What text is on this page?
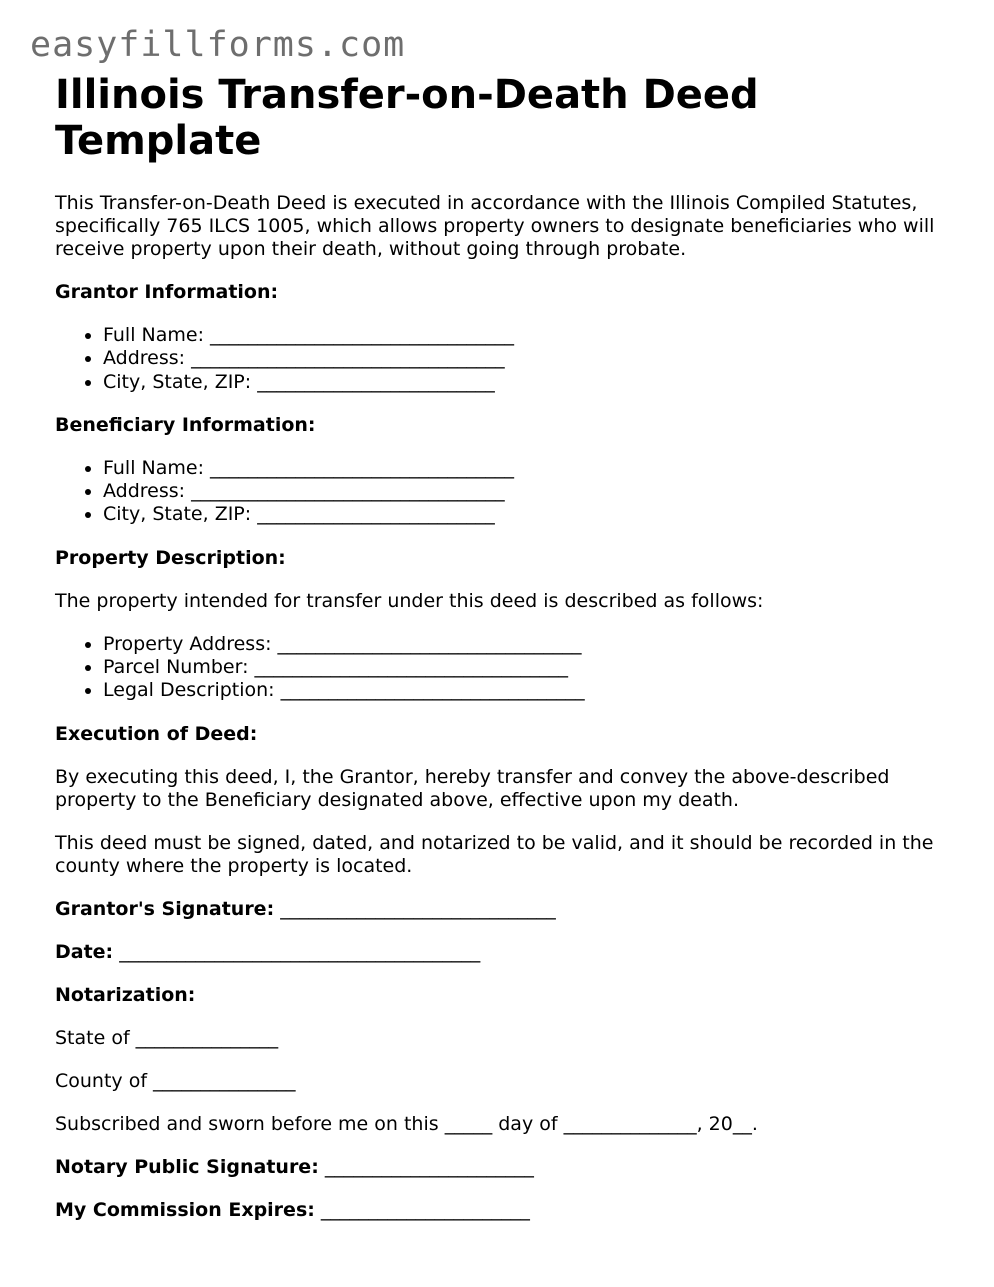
easyfillforms.com
Illinois Transfer-on-Death Deed Template

This Transfer-on-Death Deed is executed in accordance with the Illinois Compiled Statutes, specifically 765 ILCS 1005, which allows property owners to designate beneficiaries who will receive property upon their death, without going through probate.

Grantor Information:

• Full Name: ________________________________
• Address: _________________________________
• City, State, ZIP: _________________________

Beneficiary Information:

• Full Name: ________________________________
• Address: _________________________________
• City, State, ZIP: _________________________

Property Description:

The property intended for transfer under this deed is described as follows:

• Property Address: ________________________________
• Parcel Number: _________________________________
• Legal Description: ________________________________

Execution of Deed:

By executing this deed, I, the Grantor, hereby transfer and convey the above-described property to the Beneficiary designated above, effective upon my death.

This deed must be signed, dated, and notarized to be valid, and it should be recorded in the county where the property is located.

Grantor's Signature: _____________________________

Date: ______________________________________

Notarization:

State of _______________

County of _______________

Subscribed and sworn before me on this _____ day of ______________, 20__.

Notary Public Signature: ______________________

My Commission Expires: ______________________
